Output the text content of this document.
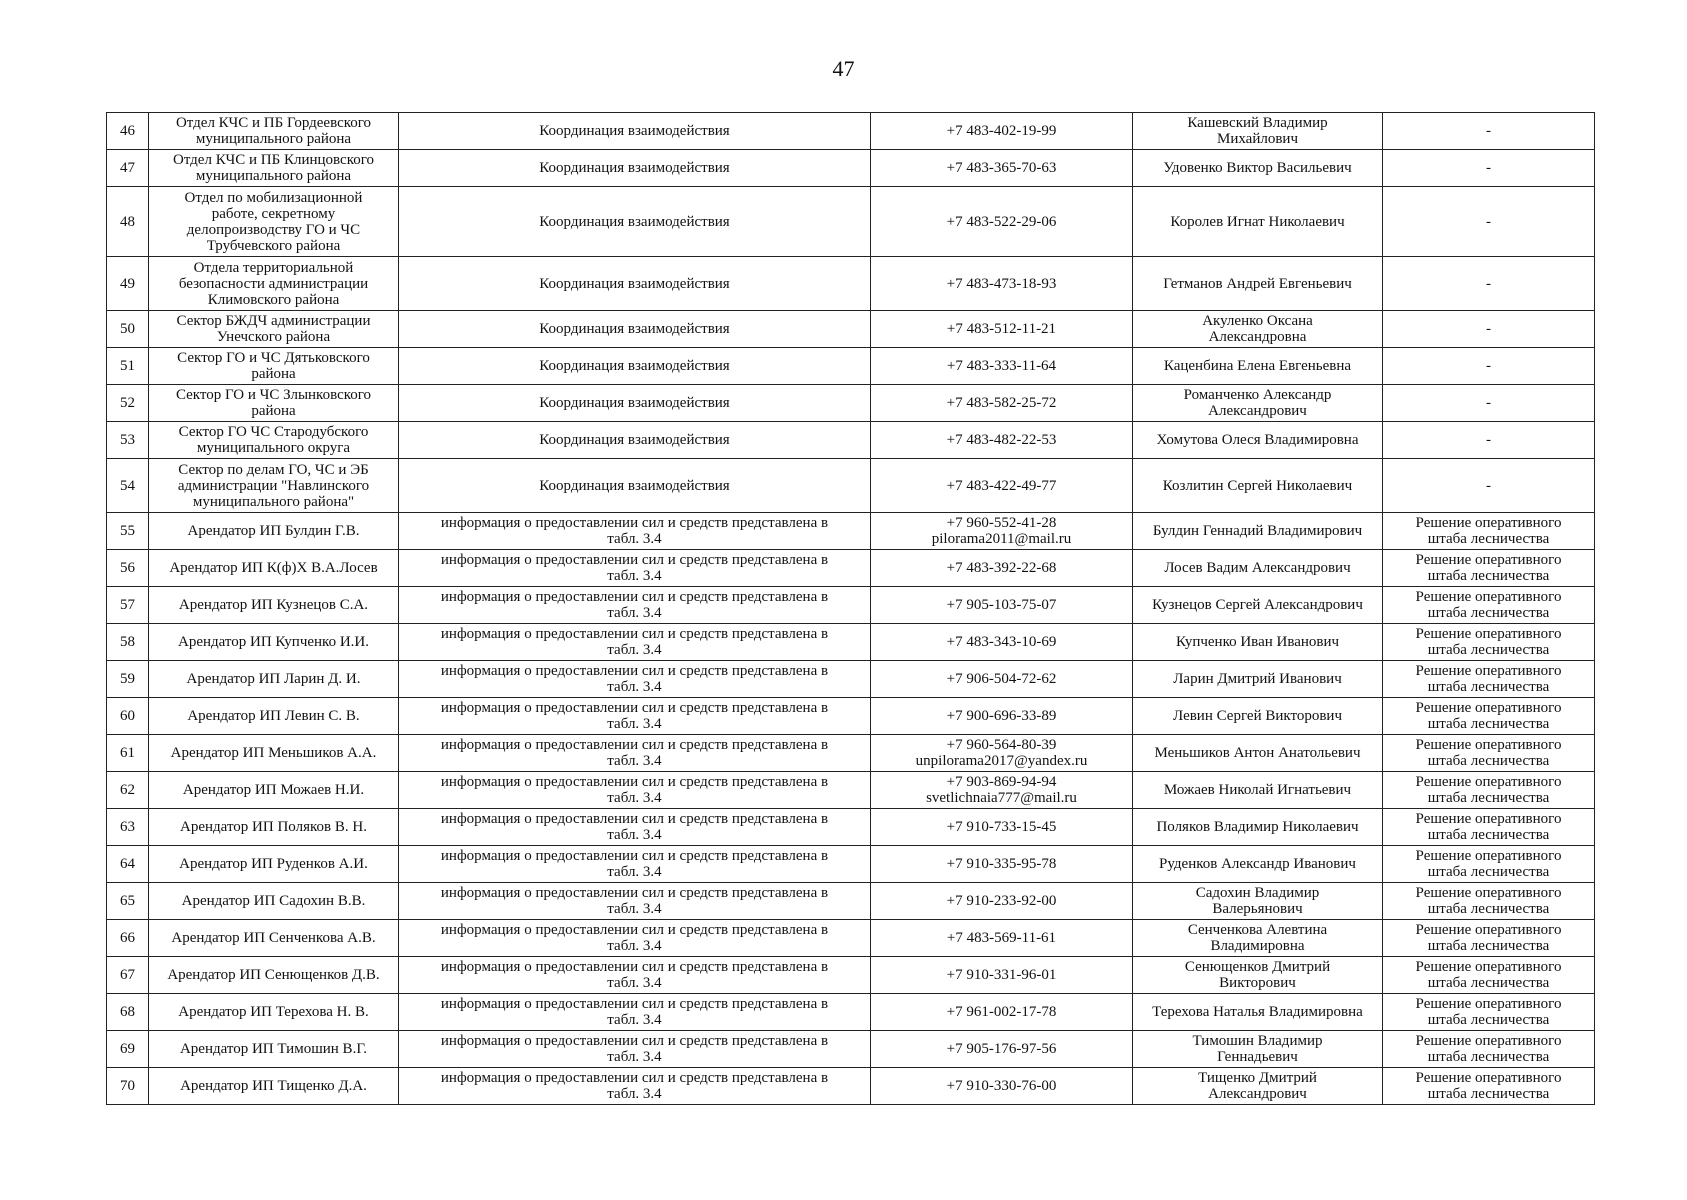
47
46	Отдел КЧС и ПБ Гордеевского
муниципального района	Координация взаимодействия	+7 483-402-19-99	Кашевский Владимир
Михайлович	-

47	Отдел КЧС и ПБ Клинцовского
муниципального района	Координация взаимодействия	+7 483-365-70-63	Удовенко Виктор Васильевич	-

48	Отдел по мобилизационной
работе, секретному
делопроизводству ГО и ЧС
Трубчевского района	Координация взаимодействия	+7 483-522-29-06	Королев Игнат Николаевич	-

49	Отдела территориальной
безопасности администрации
Климовского района	Координация взаимодействия	+7 483-473-18-93	Гетманов Андрей Евгеньевич	-

50	Сектор БЖДЧ администрации
Унечского района	Координация взаимодействия	+7 483-512-11-21	Акуленко Оксана
Александровна	-

51	Сектор ГО и ЧС Дятьковского
района	Координация взаимодействия	+7 483-333-11-64	Каценбина Елена Евгеньевна	-

52	Сектор ГО и ЧС Злынковского
района	Координация взаимодействия	+7 483-582-25-72	Романченко Александр
Александрович	-

53	Сектор ГО ЧС Стародубского
муниципального округа	Координация взаимодействия	+7 483-482-22-53	Хомутова Олеся Владимировна	-

54	Сектор по делам ГО, ЧС и ЭБ
администрации "Навлинского
муниципального района"	Координация взаимодействия	+7 483-422-49-77	Козлитин Сергей Николаевич	-

55	Арендатор ИП Булдин Г.В.	информация о предоставлении сил и средств представлена в
табл. 3.4	+7 960-552-41-28
pilorama2011@mail.ru	Булдин Геннадий Владимирович	Решение оперативного
штаба лесничества

56	Арендатор ИП К(ф)Х В.А.Лосев	информация о предоставлении сил и средств представлена в
табл. 3.4	+7 483-392-22-68	Лосев Вадим Александрович	Решение оперативного
штаба лесничества

57	Арендатор ИП Кузнецов С.А.	информация о предоставлении сил и средств представлена в
табл. 3.4	+7 905-103-75-07	Кузнецов Сергей Александрович	Решение оперативного
штаба лесничества

58	Арендатор ИП Купченко И.И.	информация о предоставлении сил и средств представлена в
табл. 3.4	+7 483-343-10-69	Купченко Иван Иванович	Решение оперативного
штаба лесничества

59	Арендатор ИП Ларин Д. И.	информация о предоставлении сил и средств представлена в
табл. 3.4	+7 906-504-72-62	Ларин Дмитрий Иванович	Решение оперативного
штаба лесничества

60	Арендатор ИП Левин С. В.	информация о предоставлении сил и средств представлена в
табл. 3.4	+7 900-696-33-89	Левин Сергей Викторович	Решение оперативного
штаба лесничества

61	Арендатор ИП Меньшиков А.А.	информация о предоставлении сил и средств представлена в
табл. 3.4	+7 960-564-80-39
unpilorama2017@yandex.ru	Меньшиков Антон Анатольевич	Решение оперативного
штаба лесничества

62	Арендатор ИП Можаев Н.И.	информация о предоставлении сил и средств представлена в
табл. 3.4	+7 903-869-94-94
svetlichnaia777@mail.ru	Можаев Николай Игнатьевич	Решение оперативного
штаба лесничества

63	Арендатор ИП Поляков В. Н.	информация о предоставлении сил и средств представлена в
табл. 3.4	+7 910-733-15-45	Поляков Владимир Николаевич	Решение оперативного
штаба лесничества

64	Арендатор ИП Руденков А.И.	информация о предоставлении сил и средств представлена в
табл. 3.4	+7 910-335-95-78	Руденков Александр Иванович	Решение оперативного
штаба лесничества

65	Арендатор ИП Садохин В.В.	информация о предоставлении сил и средств представлена в
табл. 3.4	+7 910-233-92-00	Садохин Владимир
Валерьянович	Решение оперативного
штаба лесничества

66	Арендатор ИП Сенченкова А.В.	информация о предоставлении сил и средств представлена в
табл. 3.4	+7 483-569-11-61	Сенченкова Алевтина
Владимировна	Решение оперативного
штаба лесничества

67	Арендатор ИП Сенющенков Д.В.	информация о предоставлении сил и средств представлена в
табл. 3.4	+7 910-331-96-01	Сенющенков Дмитрий
Викторович	Решение оперативного
штаба лесничества

68	Арендатор ИП Терехова Н. В.	информация о предоставлении сил и средств представлена в
табл. 3.4	+7 961-002-17-78	Терехова Наталья Владимировна	Решение оперативного
штаба лесничества

69	Арендатор ИП Тимошин В.Г.	информация о предоставлении сил и средств представлена в
табл. 3.4	+7 905-176-97-56	Тимошин Владимир
Геннадьевич	Решение оперативного
штаба лесничества

70	Арендатор ИП Тищенко Д.А.	информация о предоставлении сил и средств представлена в
табл. 3.4	+7 910-330-76-00	Тищенко Дмитрий
Александрович	Решение оперативного
штаба лесничества
